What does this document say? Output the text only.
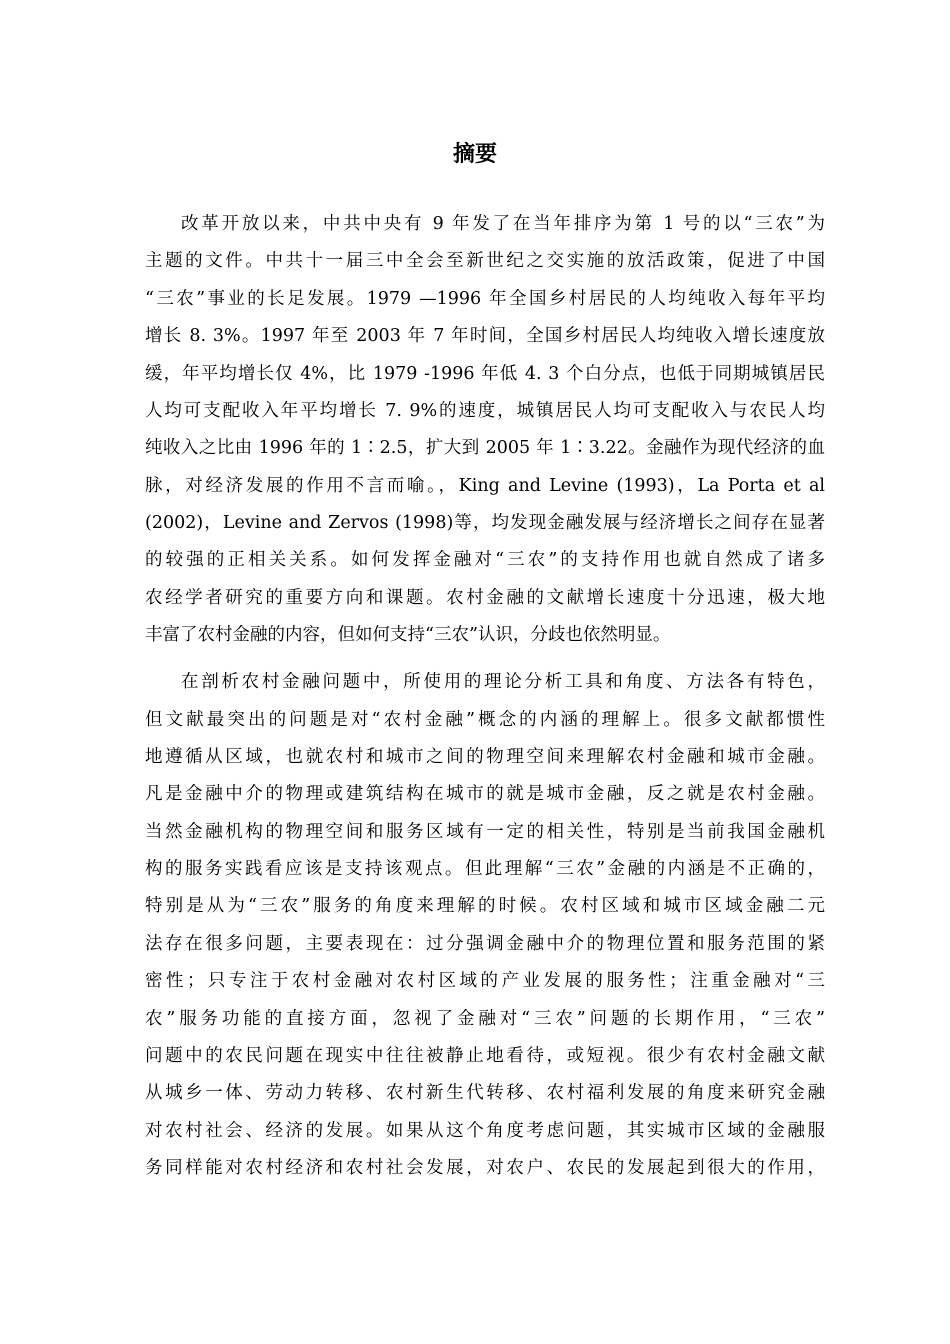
摘要
改革开放以来，中共中央有 9 年发了在当年排序为第 1 号的以“三农”为
主题的文件。中共十一届三中全会至新世纪之交实施的放活政策，促进了中国
“三农”事业的长足发展。1979 —1996 年全国乡村居民的人均纯收入每年平均
增长 8. 3%。1997 年至 2003 年 7 年时间，全国乡村居民人均纯收入增长速度放
缓，年平均增长仅 4%，比 1979 -1996 年低 4. 3 个白分点，也低于同期城镇居民
人均可支配收入年平均增长 7. 9%的速度，城镇居民人均可支配收入与农民人均
纯收入之比由 1996 年的 1∶2.5，扩大到 2005 年 1∶3.22。金融作为现代经济的血
脉，对经济发展的作用不言而喻。，King and Levine (1993)，La Porta et al
(2002)，Levine and Zervos (1998)等，均发现金融发展与经济增长之间存在显著
的较强的正相关关系。如何发挥金融对“三农”的支持作用也就自然成了诸多
农经学者研究的重要方向和课题。农村金融的文献增长速度十分迅速，极大地
丰富了农村金融的内容，但如何支持“三农”认识，分歧也依然明显。
在剖析农村金融问题中，所使用的理论分析工具和角度、方法各有特色，
但文献最突出的问题是对“农村金融”概念的内涵的理解上。很多文献都惯性
地遵循从区域，也就农村和城市之间的物理空间来理解农村金融和城市金融。
凡是金融中介的物理或建筑结构在城市的就是城市金融，反之就是农村金融。
当然金融机构的物理空间和服务区域有一定的相关性，特别是当前我国金融机
构的服务实践看应该是支持该观点。但此理解“三农”金融的内涵是不正确的，
特别是从为“三农”服务的角度来理解的时候。农村区域和城市区域金融二元
法存在很多问题，主要表现在：过分强调金融中介的物理位置和服务范围的紧
密性；只专注于农村金融对农村区域的产业发展的服务性；注重金融对“三
农”服务功能的直接方面，忽视了金融对“三农”问题的长期作用，“三农”
问题中的农民问题在现实中往往被静止地看待，或短视。很少有农村金融文献
从城乡一体、劳动力转移、农村新生代转移、农村福利发展的角度来研究金融
对农村社会、经济的发展。如果从这个角度考虑问题，其实城市区域的金融服
务同样能对农村经济和农村社会发展，对农户、农民的发展起到很大的作用，
